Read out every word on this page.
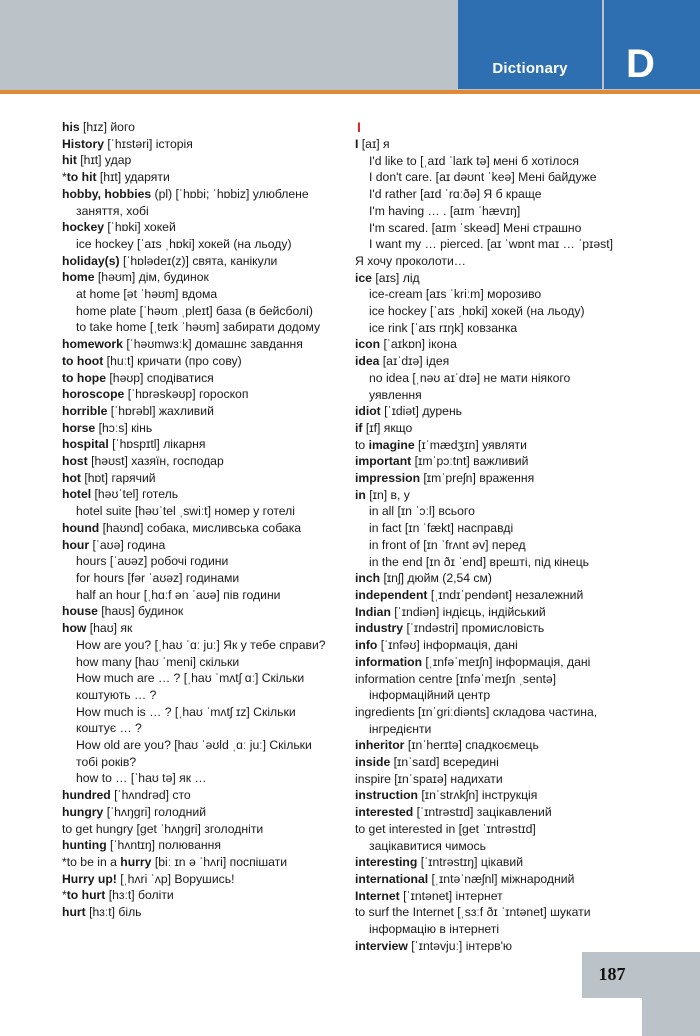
Dictionary	D
his [hɪz] його
History [ˈhɪstəri] історія
hit [hɪt] удар
*to hit [hɪt] ударяти
hobby, hobbies (pl) [ˈhɒbi; ˈhɒbiz] улюблене
заняття, хобі
hockey [ˈhɒki] хокей
ice hockey [ˈaɪs ˌhɒki] хокей (на льоду)
holiday(s) [ˈhɒlədeɪ(z)] свята, канікули
home [həʊm] дім, будинок
at home [ət ˈhəʊm] вдома
home plate [ˈhəʊm ˌpleɪt] база (в бейсболі)
to take home [ˌteɪk ˈhəʊm] забирати додому
homework [ˈhəʊmwɜːk] домашнє завдання
to hoot [huːt] кричати (про сову)
to hope [həʊp] сподіватися
horoscope [ˈhɒrəskəʊp] гороскоп
horrible [ˈhɒrəbl] жахливий
horse [hɔːs] кінь
hospital [ˈhɒspɪtl] лікарня
host [həʊst] хазяїн, господар
hot [hɒt] гарячий
hotel [həʊˈtel] готель
hotel suite [həʊˈtel ˌswiːt] номер у готелі
hound [haʊnd] собака, мисливська собака
hour [ˈaʊə] година
hours [ˈaʊəz] робочі години
for hours [fər ˈaʊəz] годинами
half an hour [ˌhɑːf ən ˈaʊə] пів години
house [haʊs] будинок
how [haʊ] як
How are you? [ˌhaʊ ˈɑː juː] Як у тебе справи?
how many [haʊ ˈmeni] скільки
How much are … ? [ˌhaʊ ˈmʌtʃ ɑː] Скільки
коштують … ?
How much is … ? [ˌhaʊ ˈmʌtʃ ɪz] Скільки
коштує … ?
How old are you? [haʊ ˈəʊld ˌɑː juː] Скільки
тобі років?
how to … [ˈhaʊ tə] як …
hundred [ˈhʌndrəd] сто
hungry [ˈhʌŋɡri] голодний
to get hungry [ɡet ˈhʌŋɡri] зголодніти
hunting [ˈhʌntɪŋ] полювання
*to be in a hurry [biː ɪn ə ˈhʌri] поспішати
Hurry up! [ˌhʌri ˈʌp] Ворушись!
*to hurt [hɜːt] боліти
hurt [hɜːt] біль
I
I [aɪ] я
I'd like to [ˌaɪd ˈlaɪk tə] мені б хотілося
I don't care. [aɪ dəʊnt ˈkeə] Мені байдуже
I'd rather [aɪd ˈrɑːðə] Я б краще
I'm having … . [aɪm ˈhævɪŋ]
I'm scared. [aɪm ˈskeəd] Мені страшно
I want my … pierced. [aɪ ˈwɒnt maɪ … ˈpɪəst]
Я хочу проколоти…
ice [aɪs] лід
ice-cream [aɪs ˈkriːm] морозиво
ice hockey [ˈaɪs ˌhɒki] хокей (на льоду)
ice rink [ˈaɪs rɪŋk] ковзанка
icon [ˈaɪkɒn] ікона
idea [aɪˈdɪə] ідея
no idea [ˌnəʊ aɪˈdɪə] не мати ніякого
уявлення
idiot [ˈɪdiət] дурень
if [ɪf] якщо
to imagine [ɪˈmædʒɪn] уявляти
important [ɪmˈpɔːtnt] важливий
impression [ɪmˈpreʃn] враження
in [ɪn] в, у
in all [ɪn ˈɔːl] всього
in fact [ɪn ˈfækt] насправді
in front of [ɪn ˈfrʌnt əv] перед
in the end [ɪn ðɪ ˈend] врешті, під кінець
inch [ɪnʃ] дюйм (2,54 см)
independent [ˌɪndɪˈpendənt] незалежний
Indian [ˈɪndiən] індієць, індійський
industry [ˈɪndəstri] промисловість
info [ˈɪnfəʊ] інформація, дані
information [ˌɪnfəˈmeɪʃn] інформація, дані
information centre [ɪnfəˈmeɪʃn ˌsentə]
інформаційний центр
ingredients [ɪnˈɡriːdiənts] складова частина,
інгредієнти
inheritor [ɪnˈherɪtə] спадкоємець
inside [ɪnˈsaɪd] всередині
inspire [ɪnˈspaɪə] надихати
instruction [ɪnˈstrʌkʃn] інструкція
interested [ˈɪntrəstɪd] зацікавлений
to get interested in [ɡet ˈɪntrəstɪd]
зацікавитися чимось
interesting [ˈɪntrəstɪŋ] цікавий
international [ˌɪntəˈnæʃnl] міжнародний
Internet [ˈɪntənet] інтернет
to surf the Internet [ˌsɜːf ðɪ ˈɪntənet] шукати
інформацію в інтернеті
interview [ˈɪntəvjuː] інтерв'ю
187
